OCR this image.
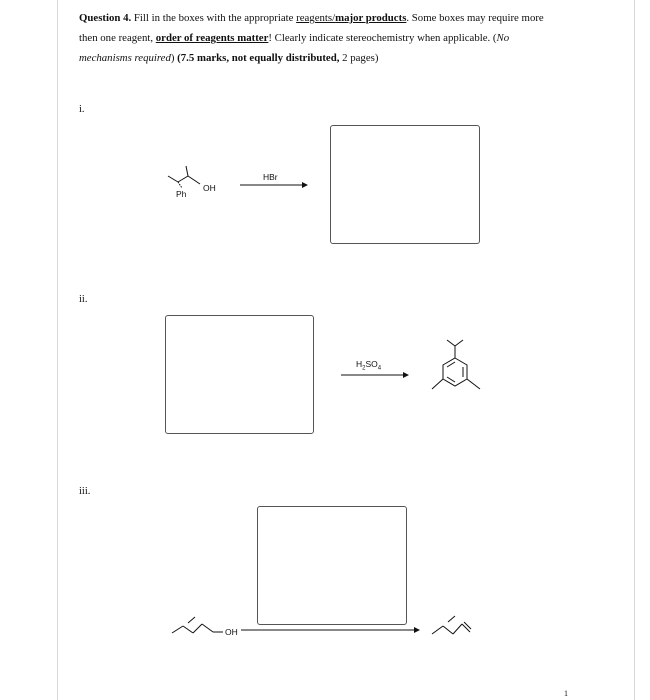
Question 4. Fill in the boxes with the appropriate reagents/major products. Some boxes may require more
then one reagent, order of reagents matter! Clearly indicate stereochemistry when applicable. (No
mechanisms required) (7.5 marks, not equally distributed, 2 pages)
i.
HBr
Ph
OH
ii.
$H_2SO_4$
iii.
OH
1
